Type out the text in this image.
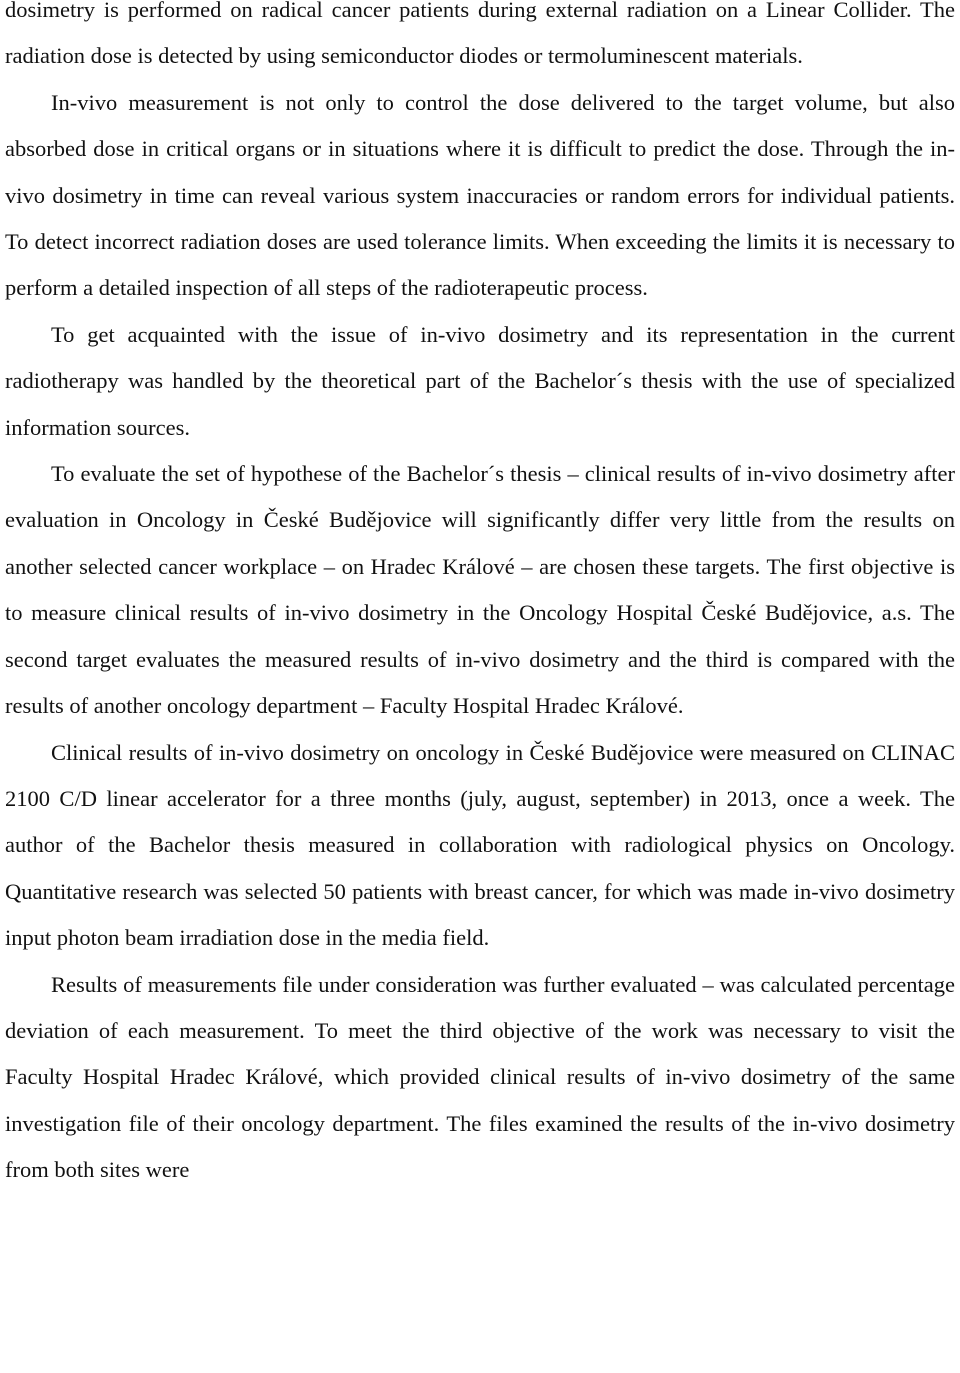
dosimetry is performed on radical cancer patients during external radiation on a Linear Collider. The radiation dose is detected by using semiconductor diodes or termoluminescent materials.

In-vivo measurement is not only to control the dose delivered to the target volume, but also absorbed dose in critical organs or in situations where it is difficult to predict the dose. Through the in-vivo dosimetry in time can reveal various system inaccuracies or random errors for individual patients. To detect incorrect radiation doses are used tolerance limits. When exceeding the limits it is necessary to perform a detailed inspection of all steps of the radioterapeutic process.

To get acquainted with the issue of in-vivo dosimetry and its representation in the current radiotherapy was handled by the theoretical part of the Bachelor´s thesis with the use of specialized information sources.

To evaluate the set of hypothese of the Bachelor´s thesis – clinical results of in-vivo dosimetry after evaluation in Oncology in České Budějovice will significantly differ very little from the results on another selected cancer workplace – on Hradec Králové – are chosen these targets. The first objective is to measure clinical results of in-vivo dosimetry in the Oncology Hospital České Budějovice, a.s. The second target evaluates the measured results of in-vivo dosimetry and the third is compared with the results of another oncology department – Faculty Hospital Hradec Králové.

Clinical results of in-vivo dosimetry on oncology in České Budějovice were measured on CLINAC 2100 C/D linear accelerator for a three months (july, august, september) in 2013, once a week. The author of the Bachelor thesis measured in collaboration with radiological physics on Oncology. Quantitative research was selected 50 patients with breast cancer, for which was made in-vivo dosimetry input photon beam irradiation dose in the media field.

Results of measurements file under consideration was further evaluated – was calculated percentage deviation of each measurement. To meet the third objective of the work was necessary to visit the Faculty Hospital Hradec Králové, which provided clinical results of in-vivo dosimetry of the same investigation file of their oncology department. The files examined the results of the in-vivo dosimetry from both sites were
